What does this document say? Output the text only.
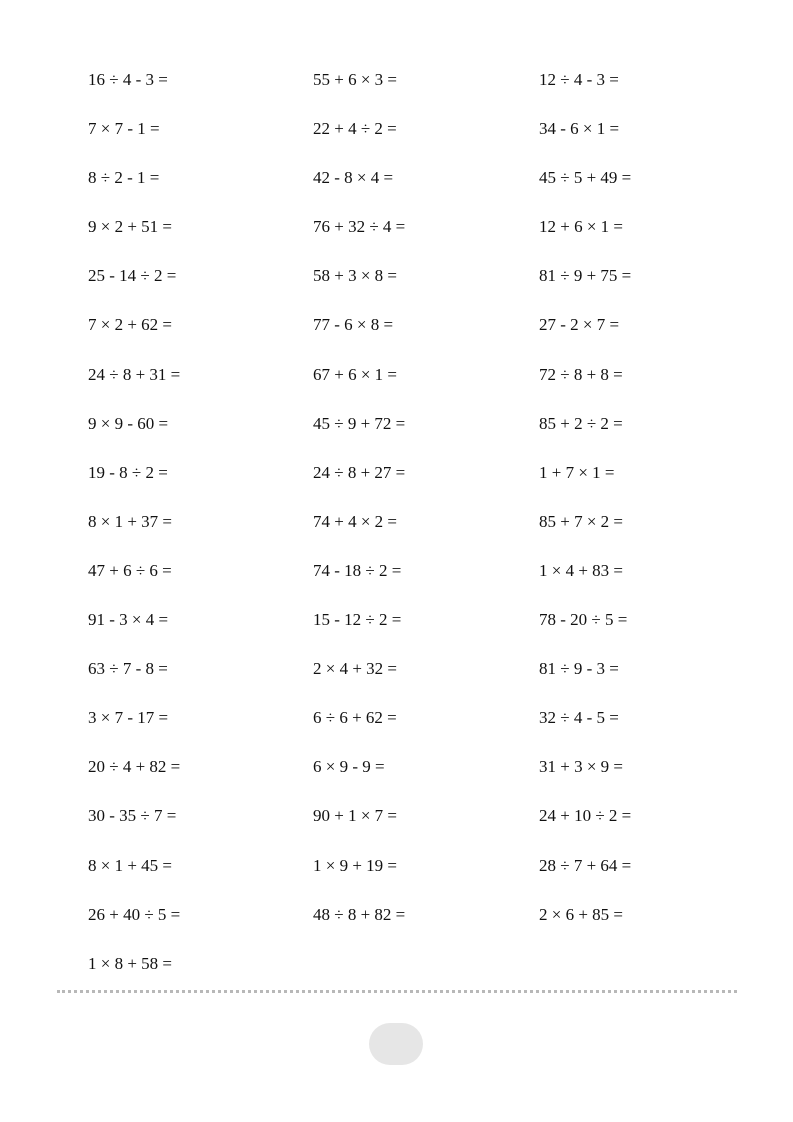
16 ÷ 4 - 3 =
7 × 7 - 1 =
8 ÷ 2 - 1 =
9 × 2 + 51 =
25 - 14 ÷ 2 =
7 × 2 + 62 =
24 ÷ 8 + 31 =
9 × 9 - 60 =
19 - 8 ÷ 2 =
8 × 1 + 37 =
47 + 6 ÷ 6 =
91 - 3 × 4 =
63 ÷ 7 - 8 =
3 × 7 - 17 =
20 ÷ 4 + 82 =
30 - 35 ÷ 7 =
8 × 1 + 45 =
26 + 40 ÷ 5 =
1 × 8 + 58 =
55 + 6 × 3 =
22 + 4 ÷ 2 =
42 - 8 × 4 =
76 + 32 ÷ 4 =
58 + 3 × 8 =
77 - 6 × 8 =
67 + 6 × 1 =
45 ÷ 9 + 72 =
24 ÷ 8 + 27 =
74 + 4 × 2 =
74 - 18 ÷ 2 =
15 - 12 ÷ 2 =
2 × 4 + 32 =
6 ÷ 6 + 62 =
6 × 9 - 9 =
90 + 1 × 7 =
1 × 9 + 19 =
48 ÷ 8 + 82 =
12 ÷ 4 - 3 =
34 - 6 × 1 =
45 ÷ 5 + 49 =
12 + 6 × 1 =
81 ÷ 9 + 75 =
27 - 2 × 7 =
72 ÷ 8 + 8 =
85 + 2 ÷ 2 =
1 + 7 × 1 =
85 + 7 × 2 =
1 × 4 + 83 =
78 - 20 ÷ 5 =
81 ÷ 9 - 3 =
32 ÷ 4 - 5 =
31 + 3 × 9 =
24 + 10 ÷ 2 =
28 ÷ 7 + 64 =
2 × 6 + 85 =
